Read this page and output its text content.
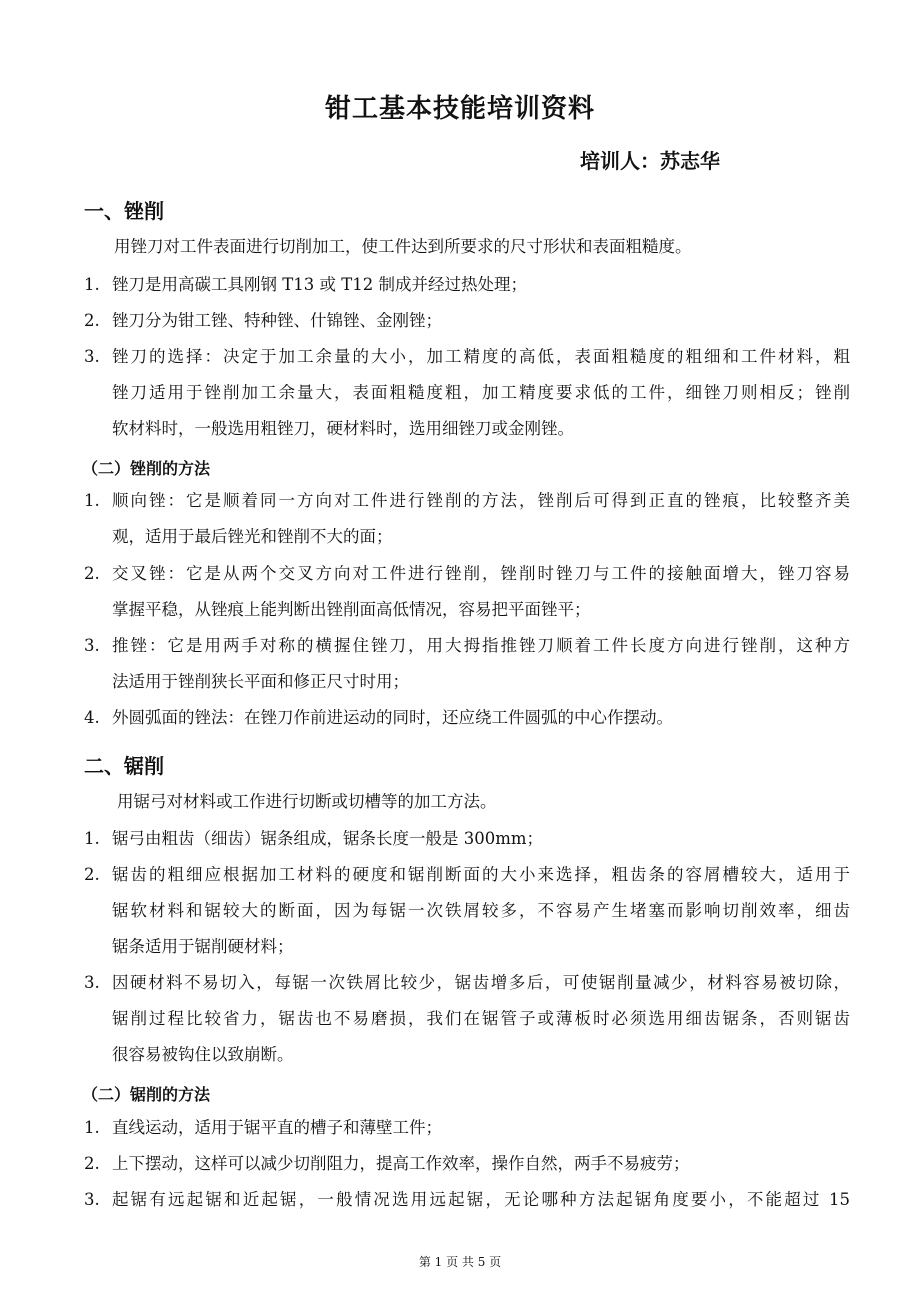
钳工基本技能培训资料
培训人：苏志华
一、锉削
用锉刀对工件表面进行切削加工，使工件达到所要求的尺寸形状和表面粗糙度。
1. 锉刀是用高碳工具刚钢 T13 或 T12 制成并经过热处理；
2. 锉刀分为钳工锉、特种锉、什锦锉、金刚锉；
3. 锉刀的选择：决定于加工余量的大小，加工精度的高低，表面粗糙度的粗细和工件材料，粗
锉刀适用于锉削加工余量大，表面粗糙度粗，加工精度要求低的工件，细锉刀则相反；锉削
软材料时，一般选用粗锉刀，硬材料时，选用细锉刀或金刚锉。
（二）锉削的方法
1. 顺向锉：它是顺着同一方向对工件进行锉削的方法，锉削后可得到正直的锉痕，比较整齐美
观，适用于最后锉光和锉削不大的面；
2. 交叉锉：它是从两个交叉方向对工件进行锉削，锉削时锉刀与工件的接触面增大，锉刀容易
掌握平稳，从锉痕上能判断出锉削面高低情况，容易把平面锉平；
3. 推锉：它是用两手对称的横握住锉刀，用大拇指推锉刀顺着工件长度方向进行锉削，这种方
法适用于锉削狭长平面和修正尺寸时用；
4. 外圆弧面的锉法：在锉刀作前进运动的同时，还应绕工件圆弧的中心作摆动。
二、锯削
用锯弓对材料或工作进行切断或切槽等的加工方法。
1. 锯弓由粗齿（细齿）锯条组成，锯条长度一般是 300mm；
2. 锯齿的粗细应根据加工材料的硬度和锯削断面的大小来选择，粗齿条的容屑槽较大，适用于
锯软材料和锯较大的断面，因为每锯一次铁屑较多，不容易产生堵塞而影响切削效率，细齿
锯条适用于锯削硬材料；
3. 因硬材料不易切入，每锯一次铁屑比较少，锯齿增多后，可使锯削量减少，材料容易被切除，
锯削过程比较省力，锯齿也不易磨损，我们在锯管子或薄板时必须选用细齿锯条，否则锯齿
很容易被钩住以致崩断。
（二）锯削的方法
1. 直线运动，适用于锯平直的槽子和薄壁工件；
2. 上下摆动，这样可以减少切削阻力，提高工作效率，操作自然，两手不易疲劳；
3. 起锯有远起锯和近起锯，一般情况选用远起锯，无论哪种方法起锯角度要小，不能超过 15
第 1 页 共 5 页
